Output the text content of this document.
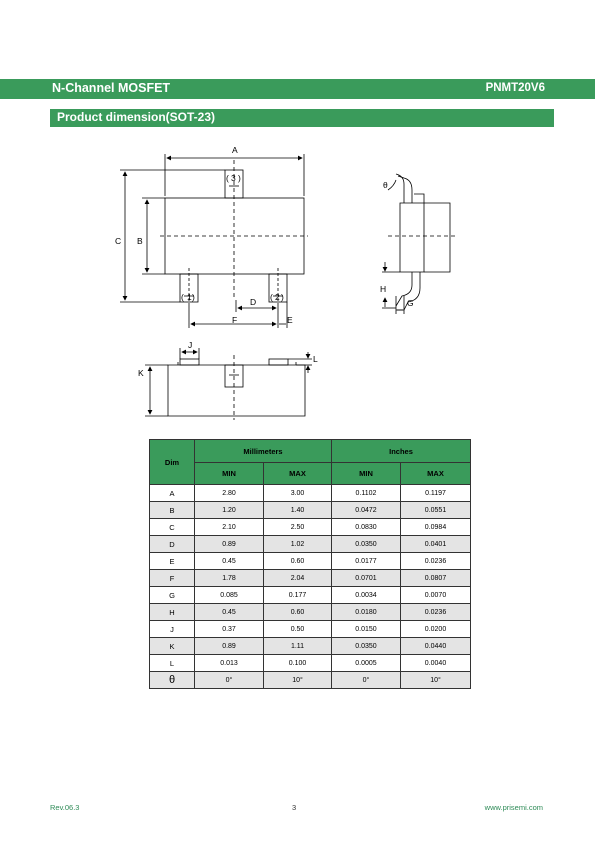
N-Channel MOSFET	PNMT20V6
Product dimension(SOT-23)
A
C B
D
F	E
( 3 )
( 1 )	( 2 )
θ
H
G
J
K
L
Dim	Millimeters		Inches	
	MIN	MAX	MIN	MAX
A	2.80	3.00	0.1102	0.1197
B	1.20	1.40	0.0472	0.0551
C	2.10	2.50	0.0830	0.0984
D	0.89	1.02	0.0350	0.0401
E	0.45	0.60	0.0177	0.0236
F	1.78	2.04	0.0701	0.0807
G	0.085	0.177	0.0034	0.0070
H	0.45	0.60	0.0180	0.0236
J	0.37	0.50	0.0150	0.0200
K	0.89	1.11	0.0350	0.0440
L	0.013	0.100	0.0005	0.0040
θ	0°	10°	0°	10°
Rev.06.3	3	www.prisemi.com
